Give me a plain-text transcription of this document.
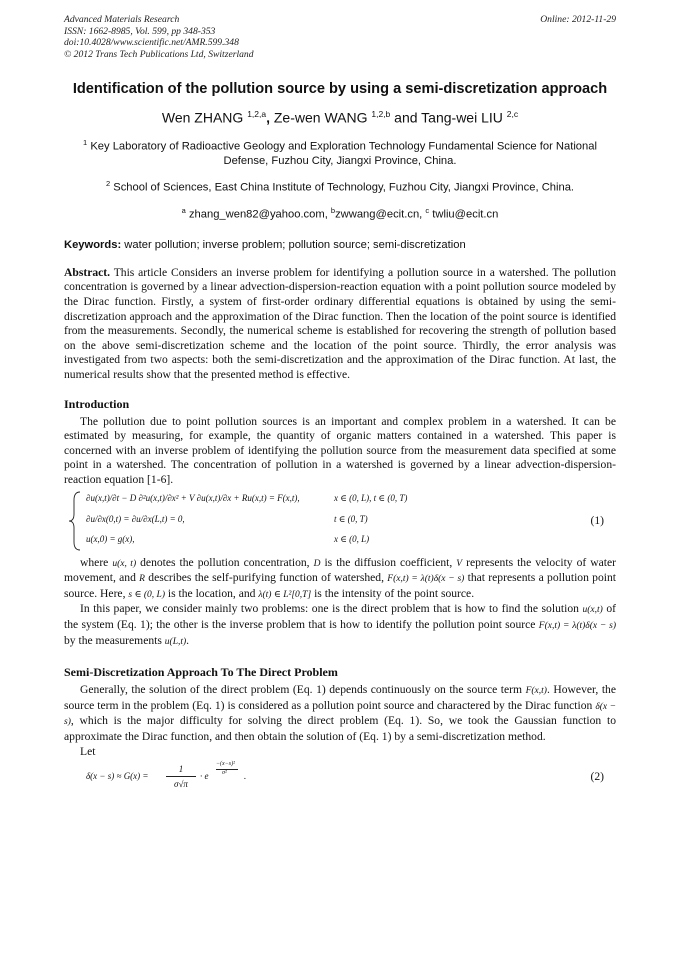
Advanced Materials Research
ISSN: 1662-8985, Vol. 599, pp 348-353
doi:10.4028/www.scientific.net/AMR.599.348
© 2012 Trans Tech Publications Ltd, Switzerland
Online: 2012-11-29
Identification of the pollution source by using a semi-discretization approach
Wen ZHANG $^{1,2,a}$, Ze-wen WANG $^{1,2,b}$ and Tang-wei LIU $^{2,c}$
$^1$ Key Laboratory of Radioactive Geology and Exploration Technology Fundamental Science for National Defense, Fuzhou City, Jiangxi Province, China.
$^2$ School of Sciences, East China Institute of Technology, Fuzhou City, Jiangxi Province, China.
$^a$ zhang_wen82@yahoo.com, $^b$zwwang@ecit.cn, $^c$ twliu@ecit.cn
Keywords: water pollution; inverse problem; pollution source; semi-discretization

Abstract. This article Considers an inverse problem for identifying a pollution source in a watershed. The pollution concentration is governed by a linear advection-dispersion-reaction equation with a point pollution source modeled by the Dirac function. Firstly, a system of first-order ordinary differential equations is obtained by using the semi-discretization approach and the approximation of the Dirac function. Then the location of the point source is identified from the measurements. Secondly, the numerical scheme is established for recovering the strength of pollution based on the above semi-discretization scheme and the location of the point source. Thirdly, the error analysis was investigated from two aspects: both the semi-discretization and the approximation of the Dirac function. At last, the numerical results show that the presented method is effective.

Introduction

The pollution due to point pollution sources is an important and complex problem in a watershed. It can be estimated by measuring, for example, the quantity of organic matters contained in a watershed. This paper is concerned with an inverse problem of identifying the pollution source from the measurement data specified at some point in a watershed. The concentration of pollution in a watershed is governed by a linear advection-dispersion-reaction equation [1-6].

∂u(x,t)/∂t − D ∂²u(x,t)/∂x² + V ∂u(x,t)/∂x + Ru(x,t) = F(x,t),	x ∈ (0, L), t ∈ (0, T)
∂u/∂x(0,t) = ∂u/∂x(L,t) = 0,	t ∈ (0, T)
u(x,0) = g(x),	x ∈ (0, L)
(1)

where u(x, t) denotes the pollution concentration, D is the diffusion coefficient, V represents the velocity of water movement, and R describes the self-purifying function of watershed, F(x,t) = λ(t)δ(x − s) that represents a pollution point source. Here, s ∈ (0, L) is the location, and λ(t) ∈ L²[0,T] is the intensity of the point source.

In this paper, we consider mainly two problems: one is the direct problem that is how to find the solution u(x,t) of the system (Eq. 1); the other is the inverse problem that is how to identify the pollution point source F(x,t) = λ(t)δ(x − s) by the measurements u(L,t).

Semi-Discretization Approach To The Direct Problem

Generally, the solution of the direct problem (Eq. 1) depends continuously on the source term F(x,t). However, the source term in the problem (Eq. 1) is considered as a pollution point source and charactered by the Dirac function δ(x − s), which is the major difficulty for solving the direct problem (Eq. 1). So, we took the Gaussian function to approximate the Dirac function, and then obtain the solution of (Eq. 1) by a semi-discretization method.

Let

δ(x − s) ≈ G(x) =
1
σ√π
· e
−(x−s)²
σ² .	(2)
